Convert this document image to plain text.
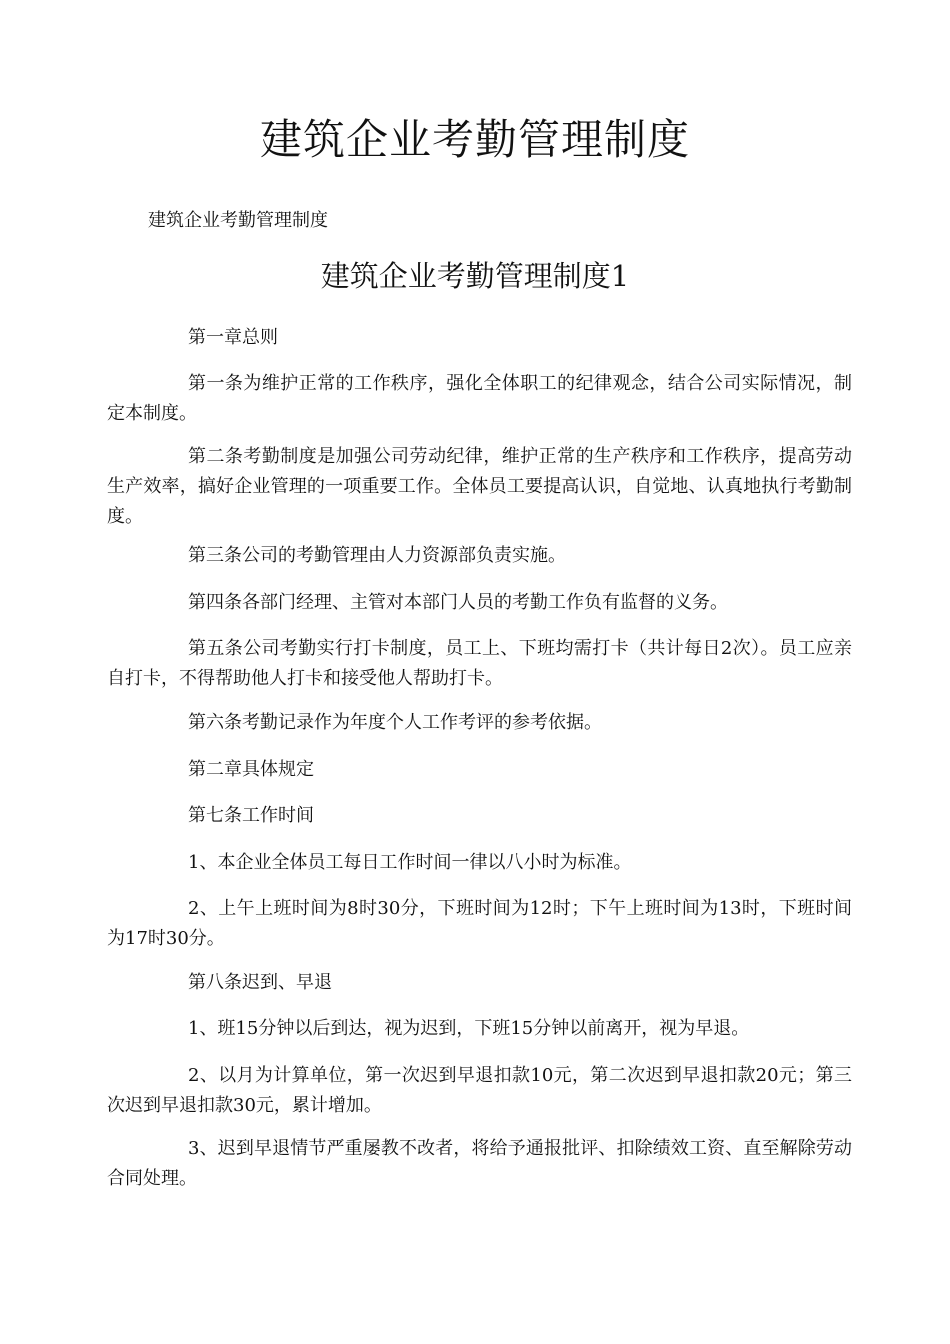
建筑企业考勤管理制度
建筑企业考勤管理制度
建筑企业考勤管理制度1

第一章总则

第一条为维护正常的工作秩序，强化全体职工的纪律观念，结合公司实际情况，制定本制度。

第二条考勤制度是加强公司劳动纪律，维护正常的生产秩序和工作秩序，提高劳动生产效率，搞好企业管理的一项重要工作。全体员工要提高认识，自觉地、认真地执行考勤制度。

第三条公司的考勤管理由人力资源部负责实施。

第四条各部门经理、主管对本部门人员的考勤工作负有监督的义务。

第五条公司考勤实行打卡制度，员工上、下班均需打卡（共计每日2次）。员工应亲自打卡，不得帮助他人打卡和接受他人帮助打卡。

第六条考勤记录作为年度个人工作考评的参考依据。

第二章具体规定

第七条工作时间

1、本企业全体员工每日工作时间一律以八小时为标准。

2、上午上班时间为8时30分，下班时间为12时；下午上班时间为13时，下班时间为17时30分。

第八条迟到、早退

1、班15分钟以后到达，视为迟到，下班15分钟以前离开，视为早退。

2、以月为计算单位，第一次迟到早退扣款10元，第二次迟到早退扣款20元；第三次迟到早退扣款30元，累计增加。

3、迟到早退情节严重屡教不改者，将给予通报批评、扣除绩效工资、直至解除劳动合同处理。
